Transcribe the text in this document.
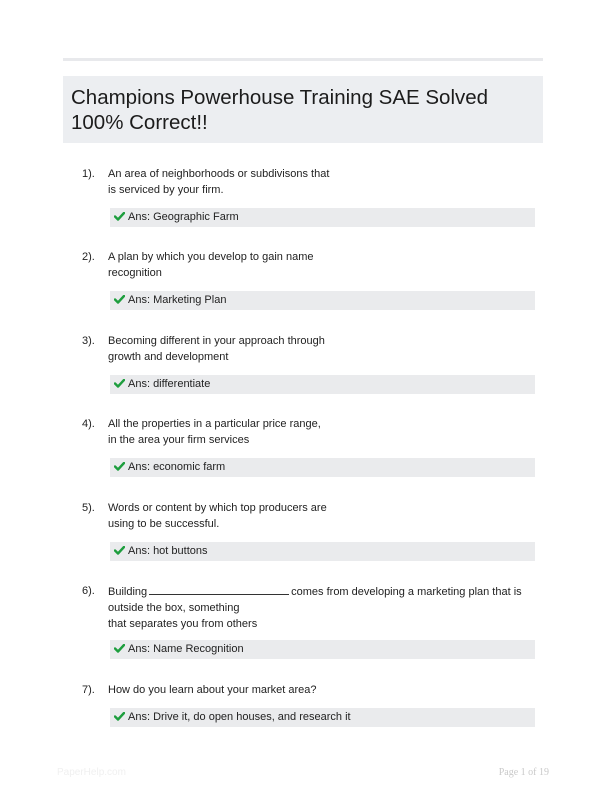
Champions Powerhouse Training SAE Solved 100% Correct!!
1). An area of neighborhoods or subdivisons that
is serviced by your firm.
Ans: Geographic Farm
2). A plan by which you develop to gain name
recognition
Ans: Marketing Plan
3). Becoming different in your approach through
growth and development
Ans: differentiate
4). All the properties in a particular price range,
in the area your firm services
Ans: economic farm
5). Words or content by which top producers are
using to be successful.
Ans: hot buttons
6). Building	comes from developing a marketing plan that is
outside the box, something
that separates you from others
Ans: Name Recognition
7). How do you learn about your market area?
Ans: Drive it, do open houses, and research it
PaperHelp.com	Page 1 of 19
